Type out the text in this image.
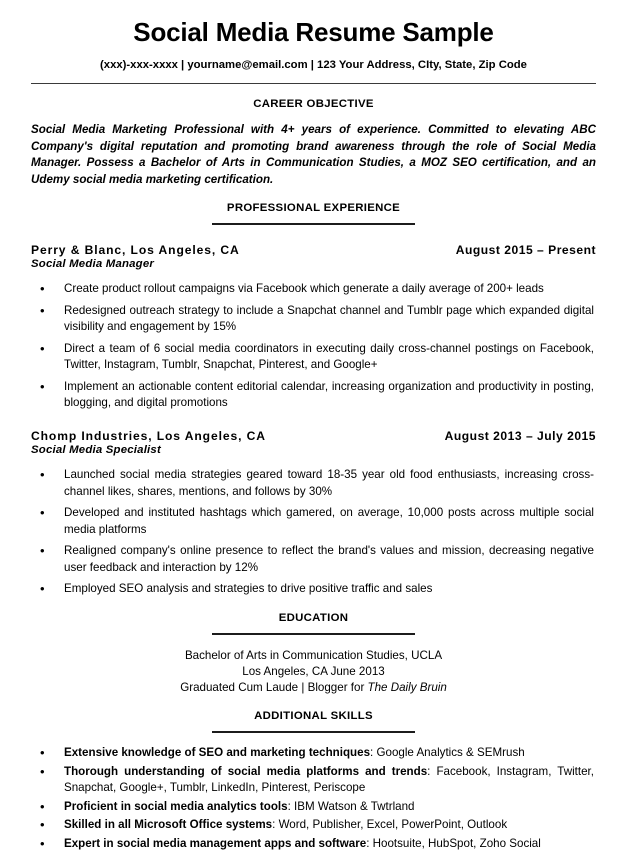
Social Media Resume Sample

(xxx)-xxx-xxxx | yourname@email.com | 123 Your Address, CIty, State, Zip Code

CAREER OBJECTIVE

Social Media Marketing Professional with 4+ years of experience. Committed to elevating ABC Company's digital reputation and promoting brand awareness through the role of Social Media Manager. Possess a Bachelor of Arts in Communication Studies, a MOZ SEO certification, and an Udemy social media marketing certification.

PROFESSIONAL EXPERIENCE
Perry & Blanc, Los Angeles, CA	August 2015 – Present
Social Media Manager
• Create product rollout campaigns via Facebook which generate a daily average of 200+ leads
• Redesigned outreach strategy to include a Snapchat channel and Tumblr page which expanded digital visibility and engagement by 15%
• Direct a team of 6 social media coordinators in executing daily cross-channel postings on Facebook, Twitter, Instagram, Tumblr, Snapchat, Pinterest, and Google+
• Implement an actionable content editorial calendar, increasing organization and productivity in posting, blogging, and digital promotions
Chomp Industries, Los Angeles, CA	August 2013 – July 2015
Social Media Specialist
• Launched social media strategies geared toward 18-35 year old food enthusiasts, increasing cross-channel likes, shares, mentions, and follows by 30%
• Developed and instituted hashtags which gamered, on average, 10,000 posts across multiple social media platforms
• Realigned company's online presence to reflect the brand's values and mission, decreasing negative user feedback and interaction by 12%
• Employed SEO analysis and strategies to drive positive traffic and sales
EDUCATION
Bachelor of Arts in Communication Studies, UCLA
Los Angeles, CA June 2013
Graduated Cum Laude | Blogger for The Daily Bruin
ADDITIONAL SKILLS
• Extensive knowledge of SEO and marketing techniques: Google Analytics & SEMrush
• Thorough understanding of social media platforms and trends: Facebook, Instagram, Twitter, Snapchat, Google+, Tumblr, LinkedIn, Pinterest, Periscope
• Proficient in social media analytics tools: IBM Watson & Twtrland
• Skilled in all Microsoft Office systems: Word, Publisher, Excel, PowerPoint, Outlook
• Expert in social media management apps and software: Hootsuite, HubSpot, Zoho Social
